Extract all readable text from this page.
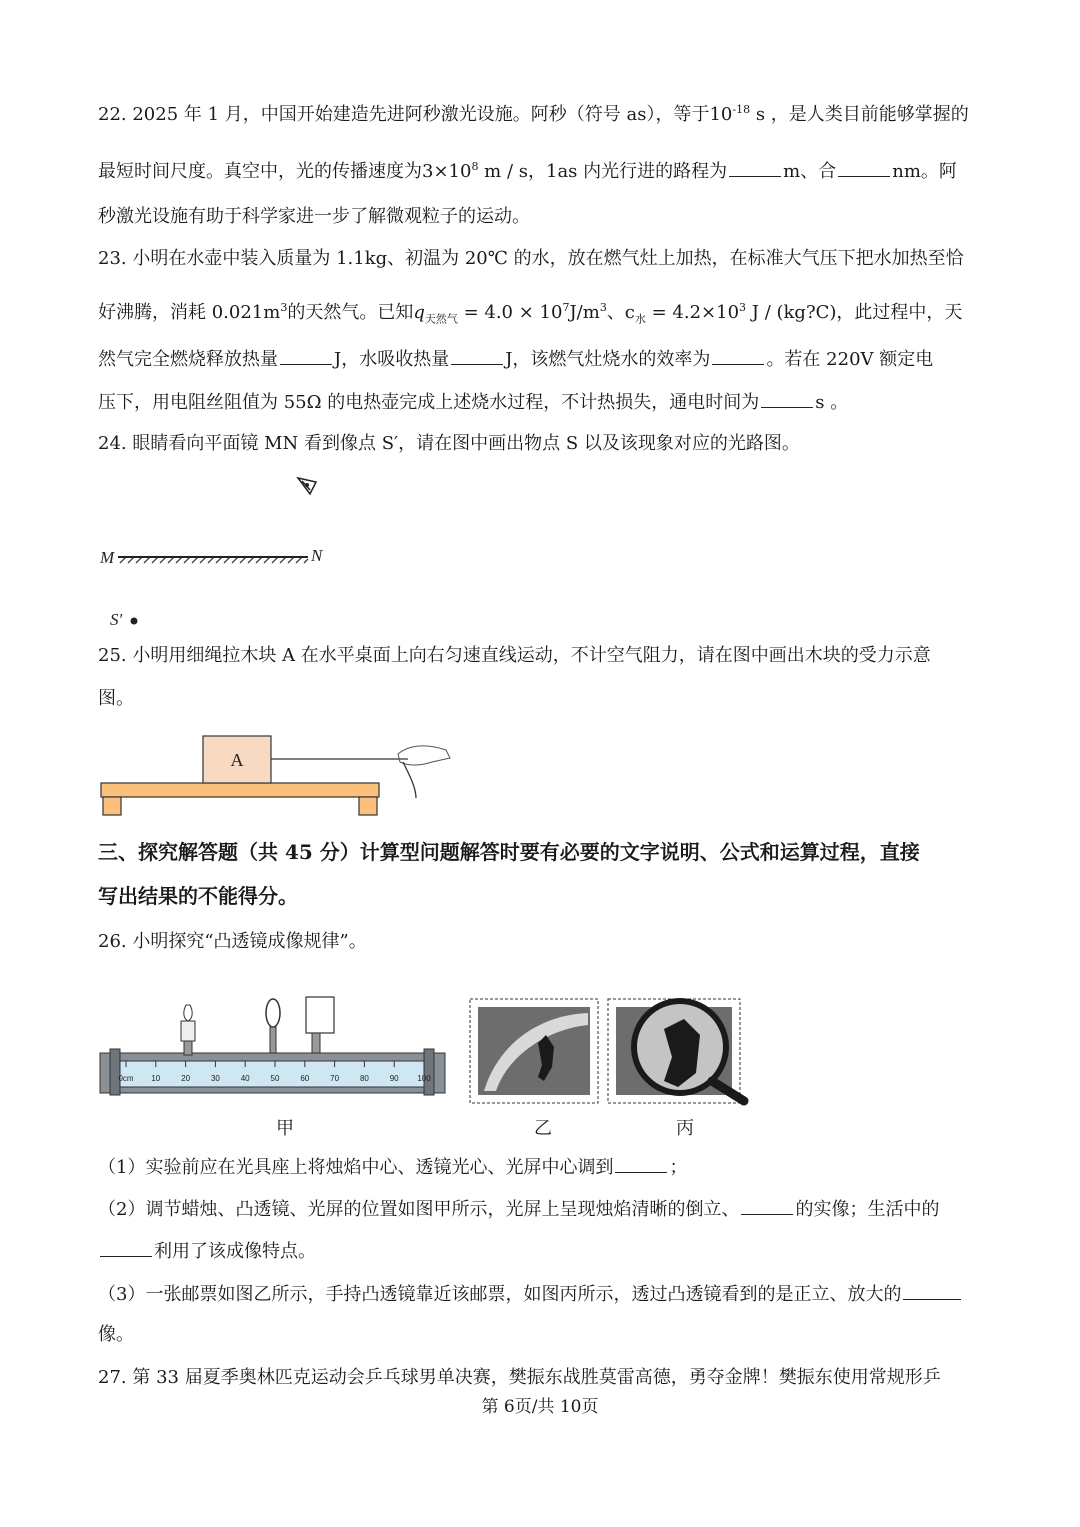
22. 2025 年 1 月，中国开始建造先进阿秒激光设施。阿秒（符号 as），等于$10^{-18}$ s ，是人类目前能够掌握的
最短时间尺度。真空中，光的传播速度为$3\times 10^8$ m / s，1as 内光行进的路程为	m、合	nm。阿
秒激光设施有助于科学家进一步了解微观粒子的运动。
23. 小明在水壶中装入质量为 1.1kg、初温为 20℃ 的水，放在燃气灶上加热，在标准大气压下把水加热至恰
好沸腾，消耗 $0.021m^3$的天然气。已知$q_{天然气} = 4.0 \times 10^7J/m^3$、$c_水 = 4.2\times 10^3$ J / (kg?C)，此过程中，天
然气完全燃烧释放热量	J，水吸收热量	J，该燃气灶烧水的效率为	。若在 220V 额定电
压下，用电阻丝阻值为 55Ω 的电热壶完成上述烧水过程，不计热损失，通电时间为	s 。
24. 眼睛看向平面镜 MN 看到像点 S′，请在图中画出物点 S 以及该现象对应的光路图。
M	N
S′
25. 小明用细绳拉木块 A 在水平桌面上向右匀速直线运动，不计空气阻力，请在图中画出木块的受力示意
图。
A
三、探究解答题（共 45 分）计算型问题解答时要有必要的文字说明、公式和运算过程，直接
写出结果的不能得分。
26. 小明探究“凸透镜成像规律”。
0cm 10	20	30	40	50	60	70	80	90 100
甲	乙	丙
（1）实验前应在光具座上将烛焰中心、透镜光心、光屏中心调到	；
（2）调节蜡烛、凸透镜、光屏的位置如图甲所示，光屏上呈现烛焰清晰的倒立、	的实像；生活中的
利用了该成像特点。
（3）一张邮票如图乙所示，手持凸透镜靠近该邮票，如图丙所示，透过凸透镜看到的是正立、放大的
像。
27. 第 33 届夏季奥林匹克运动会乒乓球男单决赛，樊振东战胜莫雷高德，勇夺金牌！樊振东使用常规形乒
第 6页/共 10页
